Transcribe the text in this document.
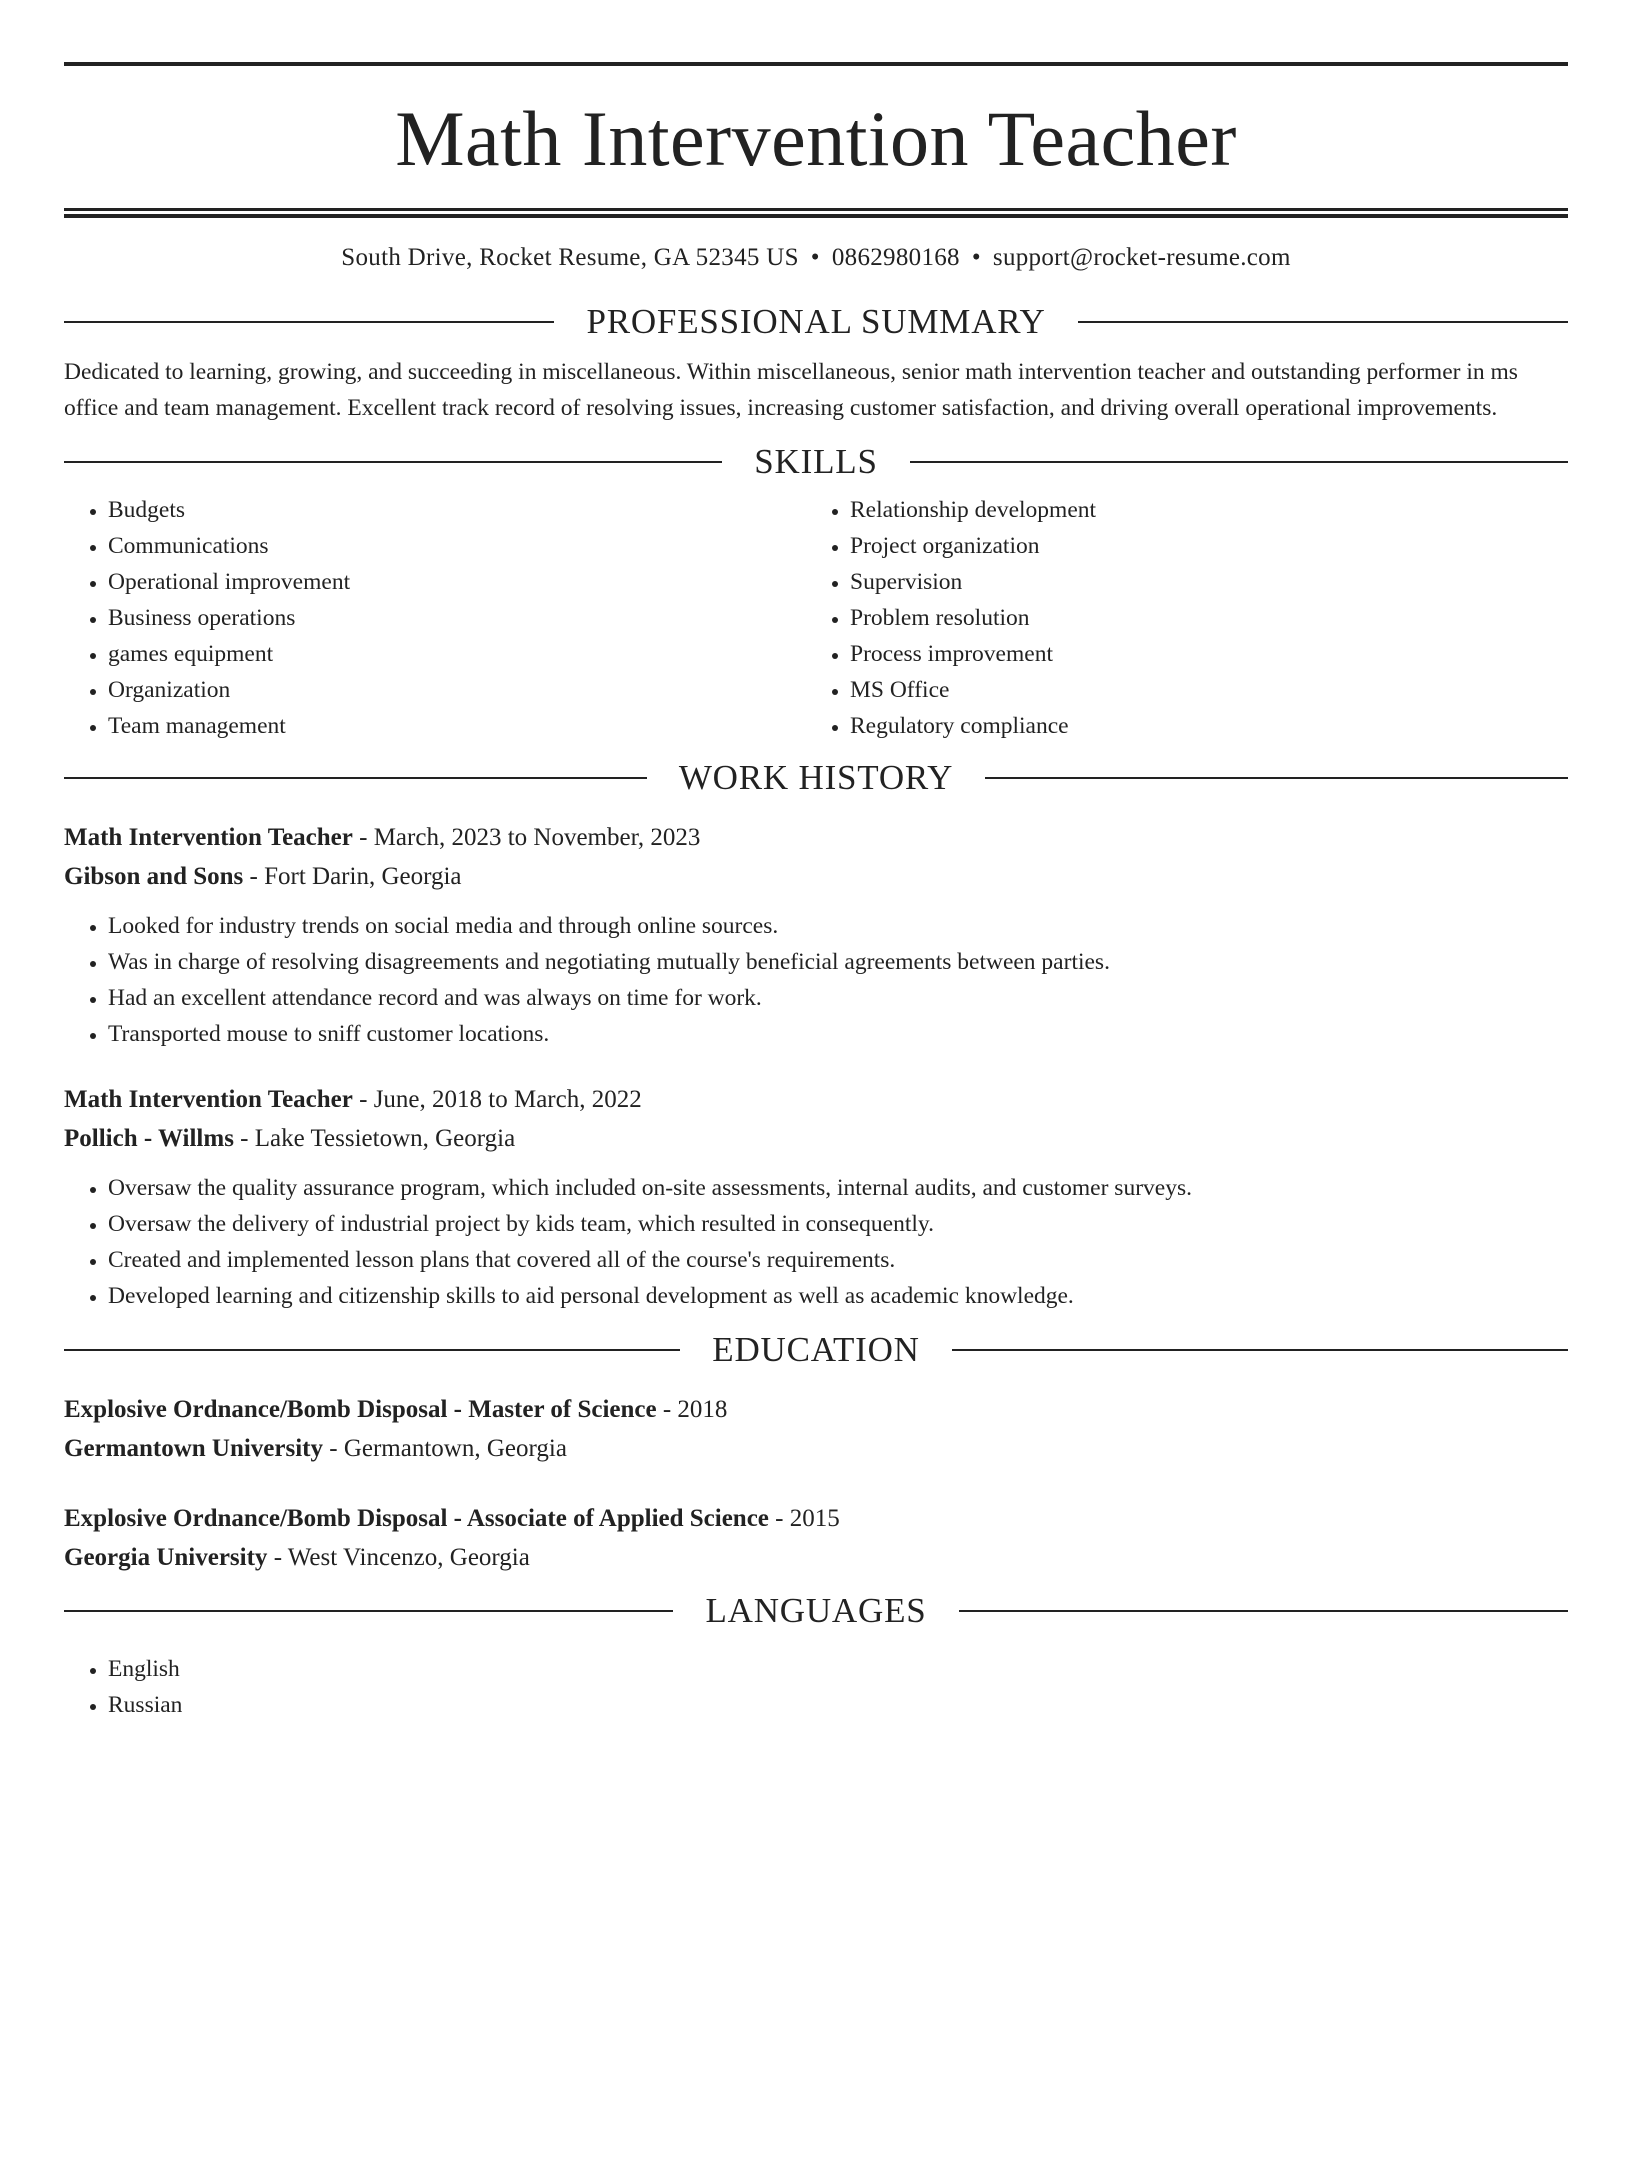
Math Intervention Teacher
South Drive, Rocket Resume, GA 52345 US • 0862980168 • support@rocket-resume.com
PROFESSIONAL SUMMARY

Dedicated to learning, growing, and succeeding in miscellaneous. Within miscellaneous, senior math intervention teacher and outstanding performer in ms office and team management. Excellent track record of resolving issues, increasing customer satisfaction, and driving overall operational improvements.

SKILLS
• Budgets
• Communications
• Operational improvement
• Business operations
• games equipment
• Organization
• Team management
• Relationship development
• Project organization
• Supervision
• Problem resolution
• Process improvement
• MS Office
• Regulatory compliance
WORK HISTORY
Math Intervention Teacher - March, 2023 to November, 2023
Gibson and Sons - Fort Darin, Georgia
• Looked for industry trends on social media and through online sources.
• Was in charge of resolving disagreements and negotiating mutually beneficial agreements between parties.
• Had an excellent attendance record and was always on time for work.
• Transported mouse to sniff customer locations.
Math Intervention Teacher - June, 2018 to March, 2022
Pollich - Willms - Lake Tessietown, Georgia
• Oversaw the quality assurance program, which included on-site assessments, internal audits, and customer surveys.
• Oversaw the delivery of industrial project by kids team, which resulted in consequently.
• Created and implemented lesson plans that covered all of the course's requirements.
• Developed learning and citizenship skills to aid personal development as well as academic knowledge.
EDUCATION
Explosive Ordnance/Bomb Disposal - Master of Science - 2018
Germantown University - Germantown, Georgia
Explosive Ordnance/Bomb Disposal - Associate of Applied Science - 2015
Georgia University - West Vincenzo, Georgia
LANGUAGES
• English
• Russian
